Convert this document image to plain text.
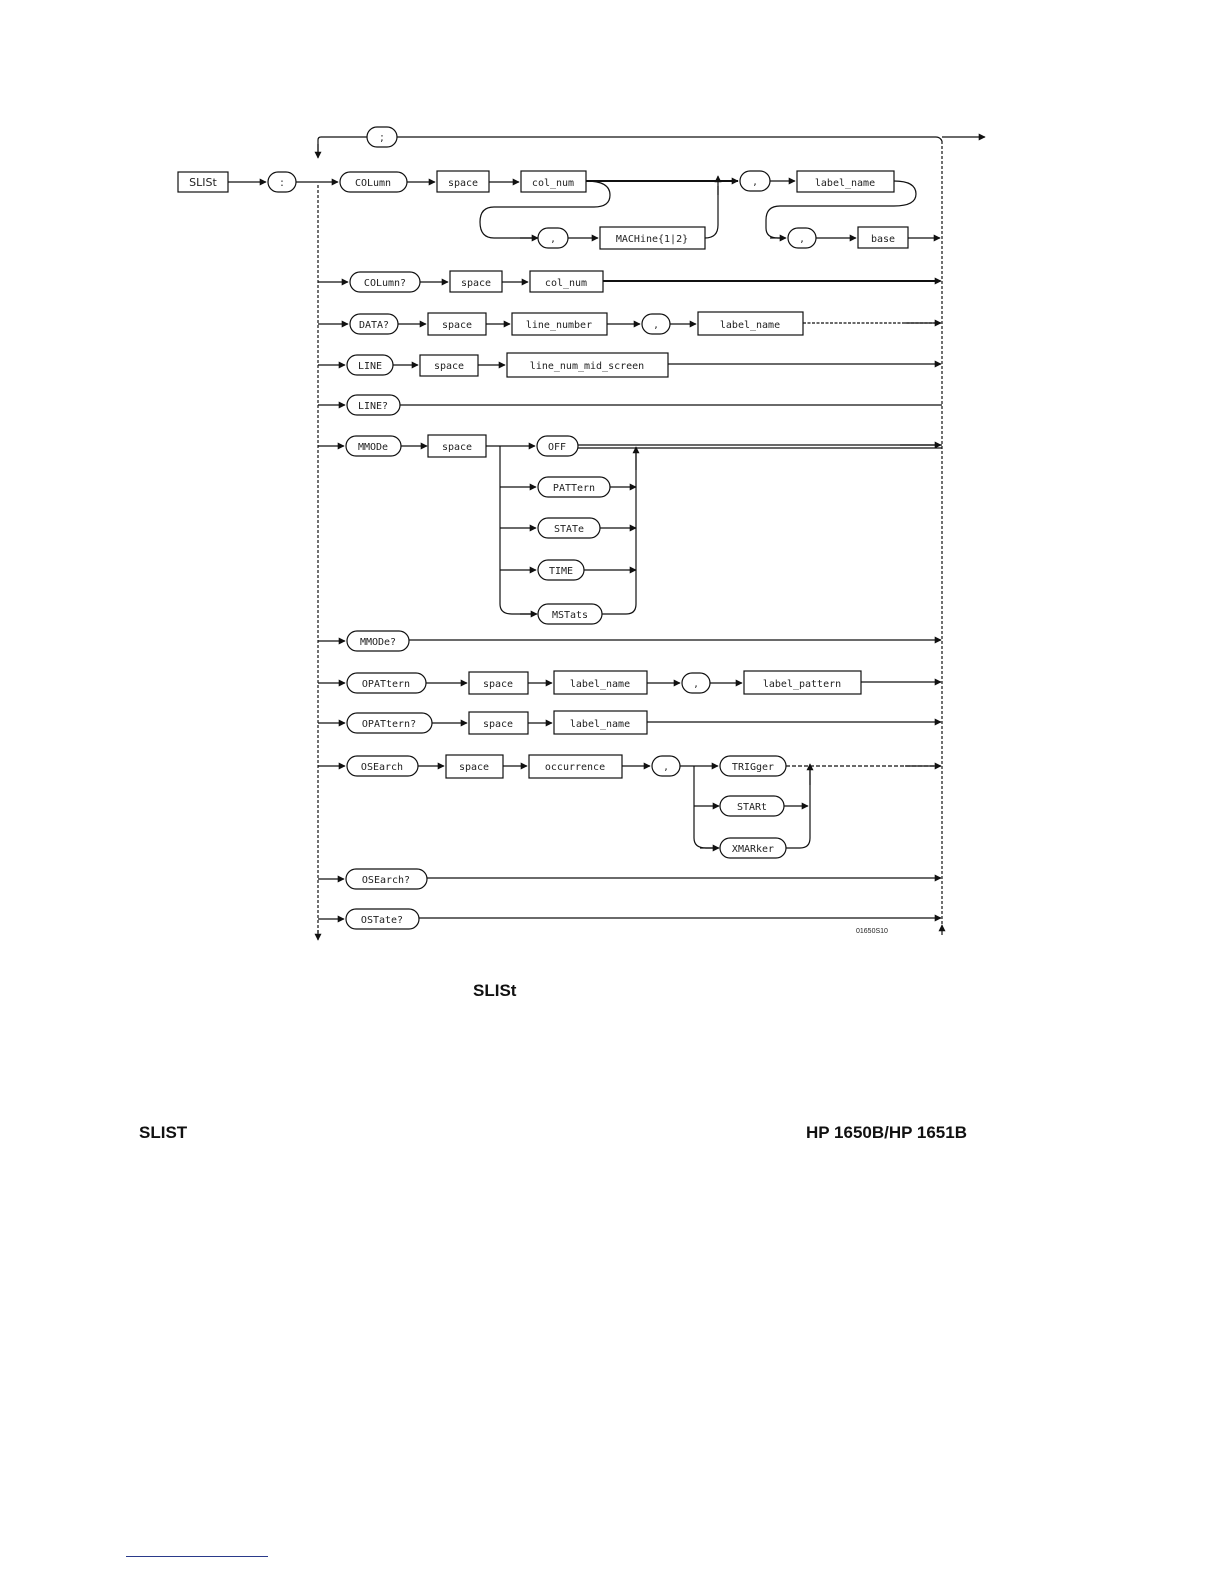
;
SLISt	:	COLumn	space	col_num	,	label_name
,	MACHine{1|2}	,	base
COLumn?	space	col_num
DATA?	space	line_number	,	label_name
LINE	space	line_num_mid_screen
LINE?
MMODe	space	OFF
PATTern
STATe
TIME
MSTats
MMODe?
OPATtern	space	label_name	,	label_pattern
OPATtern?	space	label_name
OSEarch	space	occurrence	,	TRIGger
STARt
XMARker
OSEarch?
OSTate?
01650S10
SLISt
SLIST	HP 1650B/HP 1651B
